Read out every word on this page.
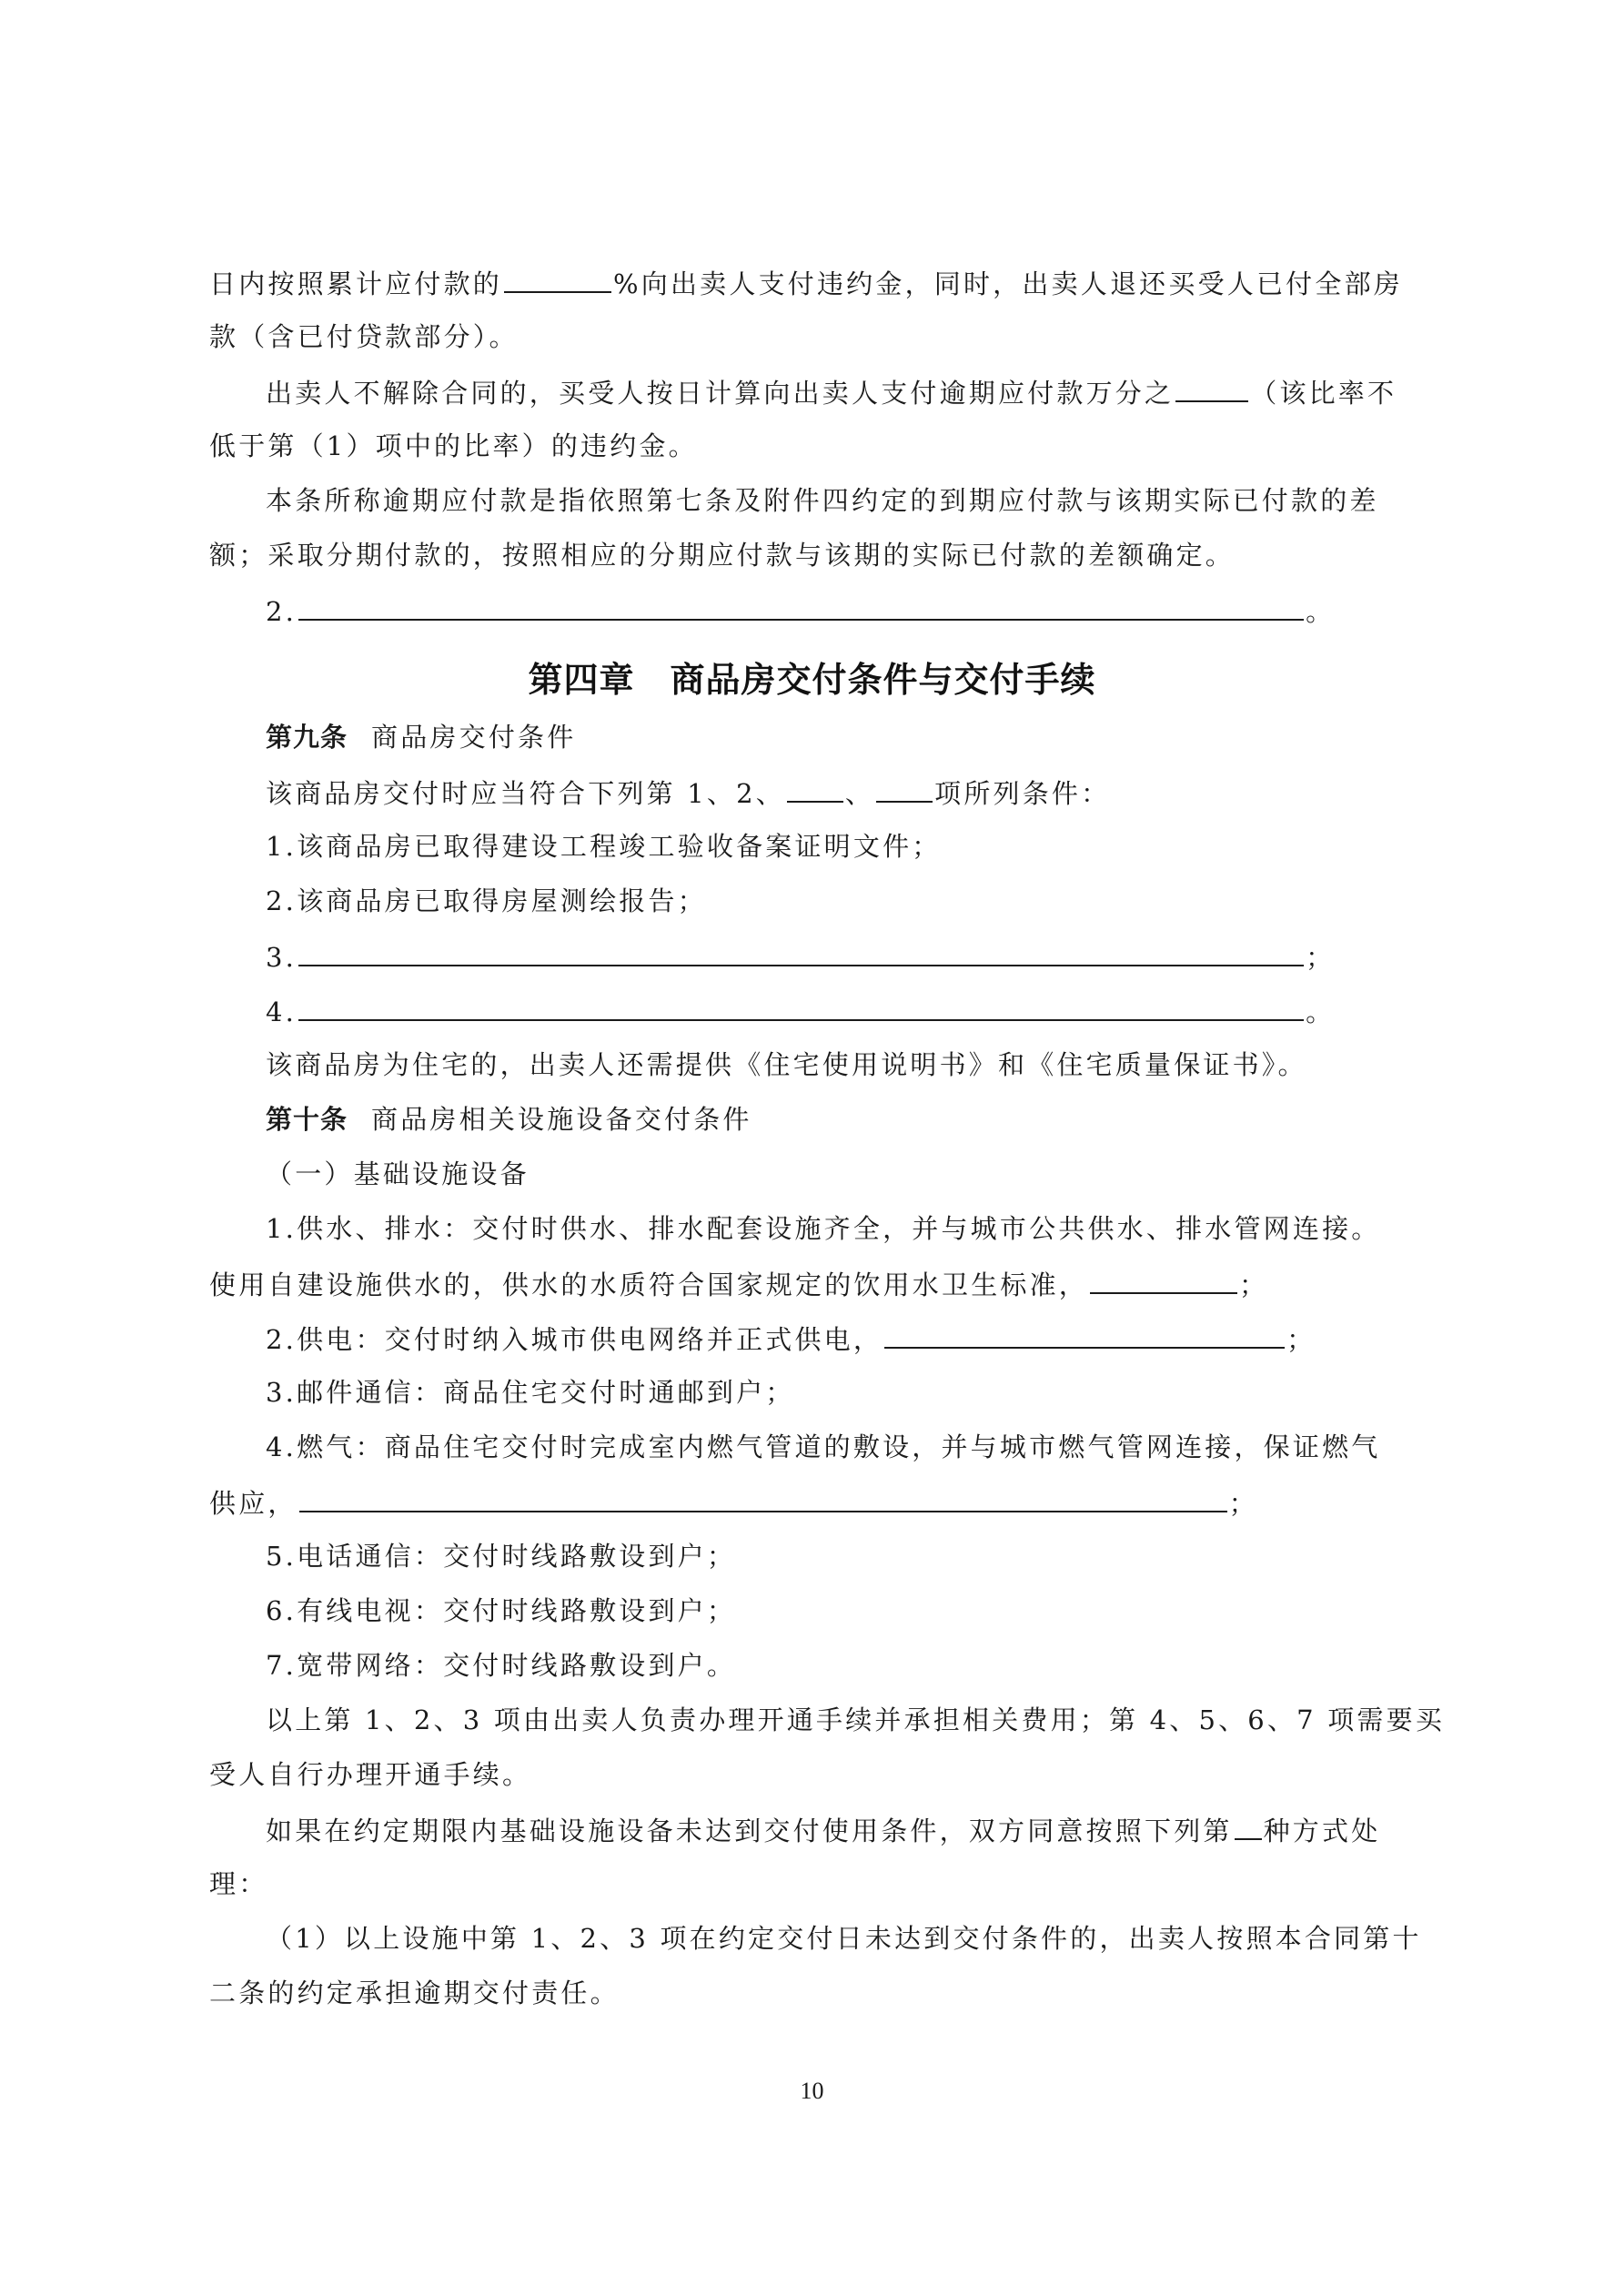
日内按照累计应付款的	%向出卖人支付违约金，同时，出卖人退还买受人已付全部房
款（含已付贷款部分）。
出卖人不解除合同的，买受人按日计算向出卖人支付逾期应付款万分之	（该比率不
低于第（1）项中的比率）的违约金。
本条所称逾期应付款是指依照第七条及附件四约定的到期应付款与该期实际已付款的差
额；采取分期付款的，按照相应的分期应付款与该期的实际已付款的差额确定。
2.	。
第四章　商品房交付条件与交付手续
第九条 商品房交付条件
该商品房交付时应当符合下列第 1、2、 、 项所列条件：
1.该商品房已取得建设工程竣工验收备案证明文件；
2.该商品房已取得房屋测绘报告；
3.	；
4.	。
该商品房为住宅的，出卖人还需提供《住宅使用说明书》和《住宅质量保证书》。
第十条 商品房相关设施设备交付条件
（一）基础设施设备
1.供水、排水：交付时供水、排水配套设施齐全，并与城市公共供水、排水管网连接。
使用自建设施供水的，供水的水质符合国家规定的饮用水卫生标准，	；
2.供电：交付时纳入城市供电网络并正式供电，	；
3.邮件通信：商品住宅交付时通邮到户；
4.燃气：商品住宅交付时完成室内燃气管道的敷设，并与城市燃气管网连接，保证燃气
供应，	；
5.电话通信：交付时线路敷设到户；
6.有线电视：交付时线路敷设到户；
7.宽带网络：交付时线路敷设到户。
以上第 1、2、3 项由出卖人负责办理开通手续并承担相关费用；第 4、5、6、7 项需要买
受人自行办理开通手续。
如果在约定期限内基础设施设备未达到交付使用条件，双方同意按照下列第 种方式处
理：
（1）以上设施中第 1、2、3 项在约定交付日未达到交付条件的，出卖人按照本合同第十
二条的约定承担逾期交付责任。
10
